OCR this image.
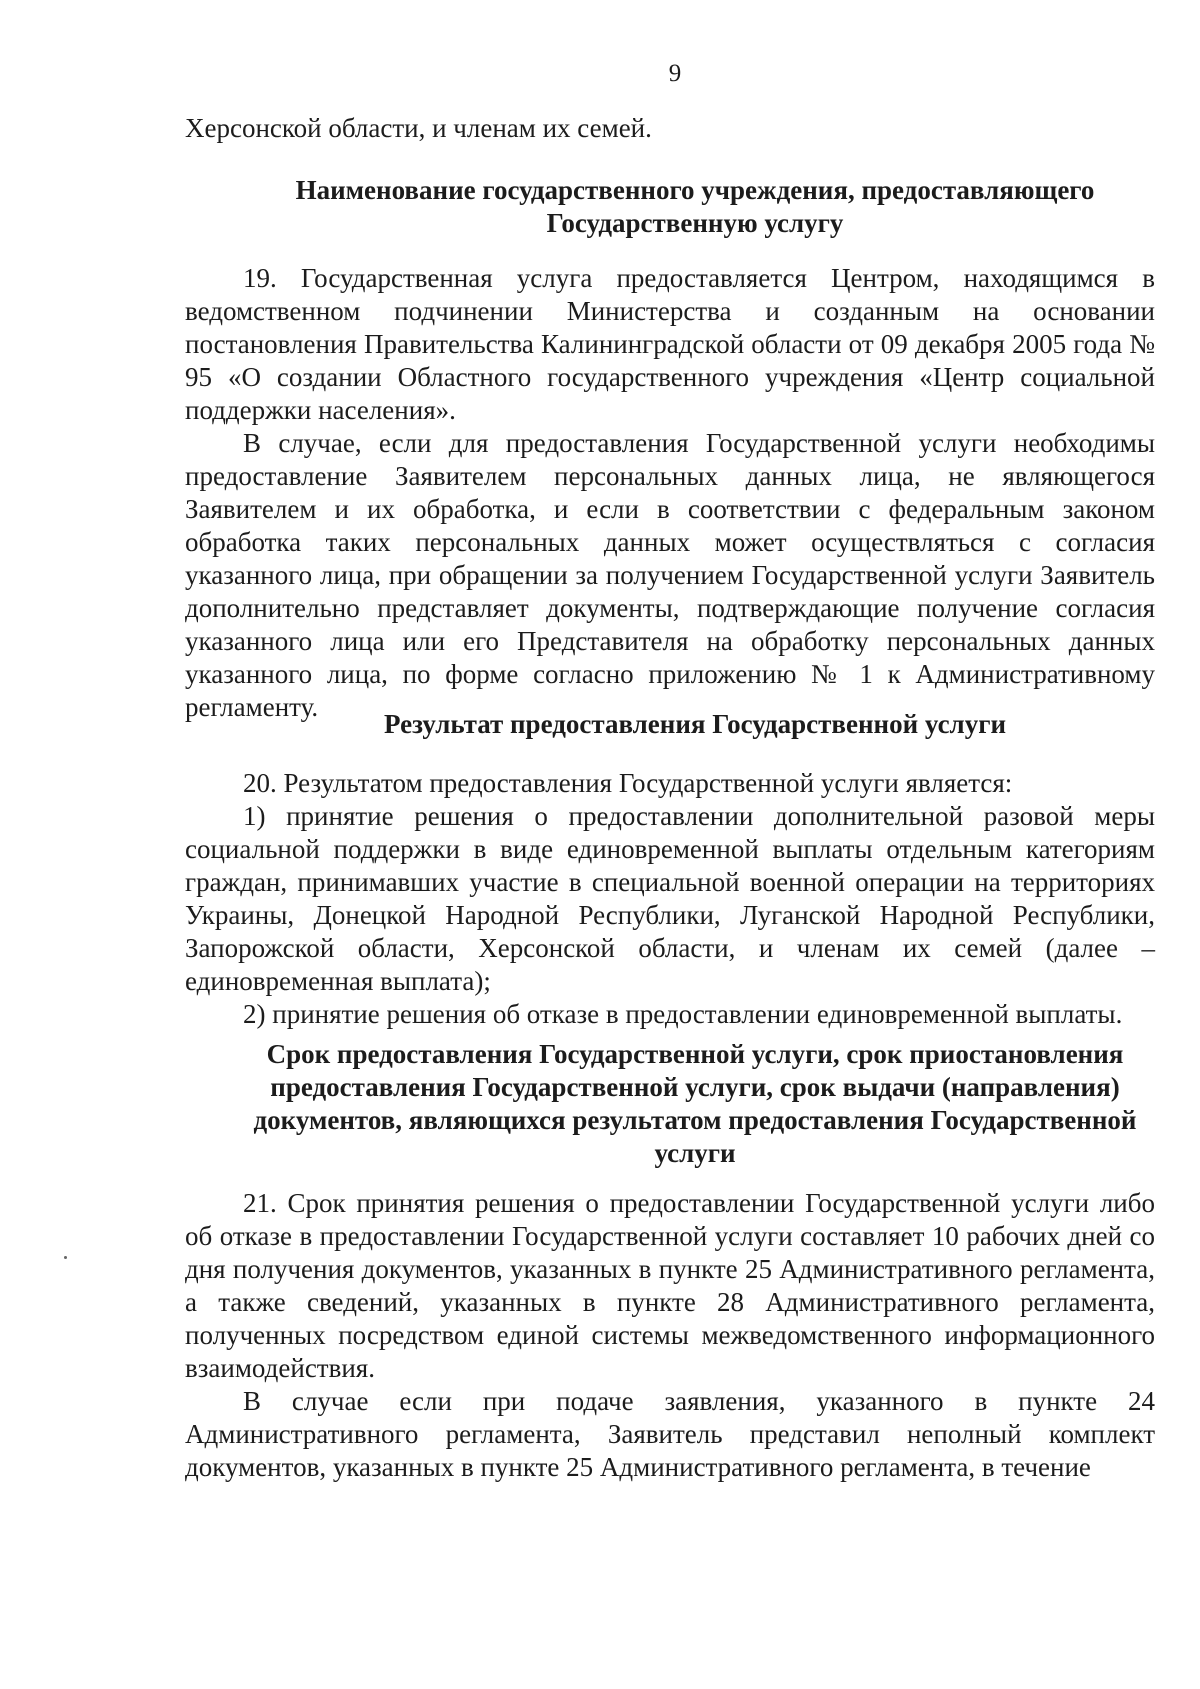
9

Херсонской области, и членам их семей.

Наименование государственного учреждения, предоставляющего
Государственную услугу

19. Государственная услуга предоставляется Центром, находящимся в ведомственном подчинении Министерства и созданным на основании постановления Правительства Калининградской области от 09 декабря 2005 года № 95 «О создании Областного государственного учреждения «Центр социальной поддержки населения».

В случае, если для предоставления Государственной услуги необходимы предоставление Заявителем персональных данных лица, не являющегося Заявителем и их обработка, и если в соответствии с федеральным законом обработка таких персональных данных может осуществляться с согласия указанного лица, при обращении за получением Государственной услуги Заявитель дополнительно представляет документы, подтверждающие получение согласия указанного лица или его Представителя на обработку персональных данных указанного лица, по форме согласно приложению № 1 к Административному регламенту.

Результат предоставления Государственной услуги

20. Результатом предоставления Государственной услуги является:

1) принятие решения о предоставлении дополнительной разовой меры социальной поддержки в виде единовременной выплаты отдельным категориям граждан, принимавших участие в специальной военной операции на территориях Украины, Донецкой Народной Республики, Луганской Народной Республики, Запорожской области, Херсонской области, и членам их семей (далее – единовременная выплата);

2) принятие решения об отказе в предоставлении единовременной выплаты.

Срок предоставления Государственной услуги, срок приостановления
предоставления Государственной услуги, срок выдачи (направления)
документов, являющихся результатом предоставления Государственной
услуги

21. Срок принятия решения о предоставлении Государственной услуги либо об отказе в предоставлении Государственной услуги составляет 10 рабочих дней со дня получения документов, указанных в пункте 25 Административного регламента, а также сведений, указанных в пункте 28 Административного регламента, полученных посредством единой системы межведомственного информационного взаимодействия.

В случае если при подаче заявления, указанного в пункте 24 Административного регламента, Заявитель представил неполный комплект документов, указанных в пункте 25 Административного регламента, в течение
